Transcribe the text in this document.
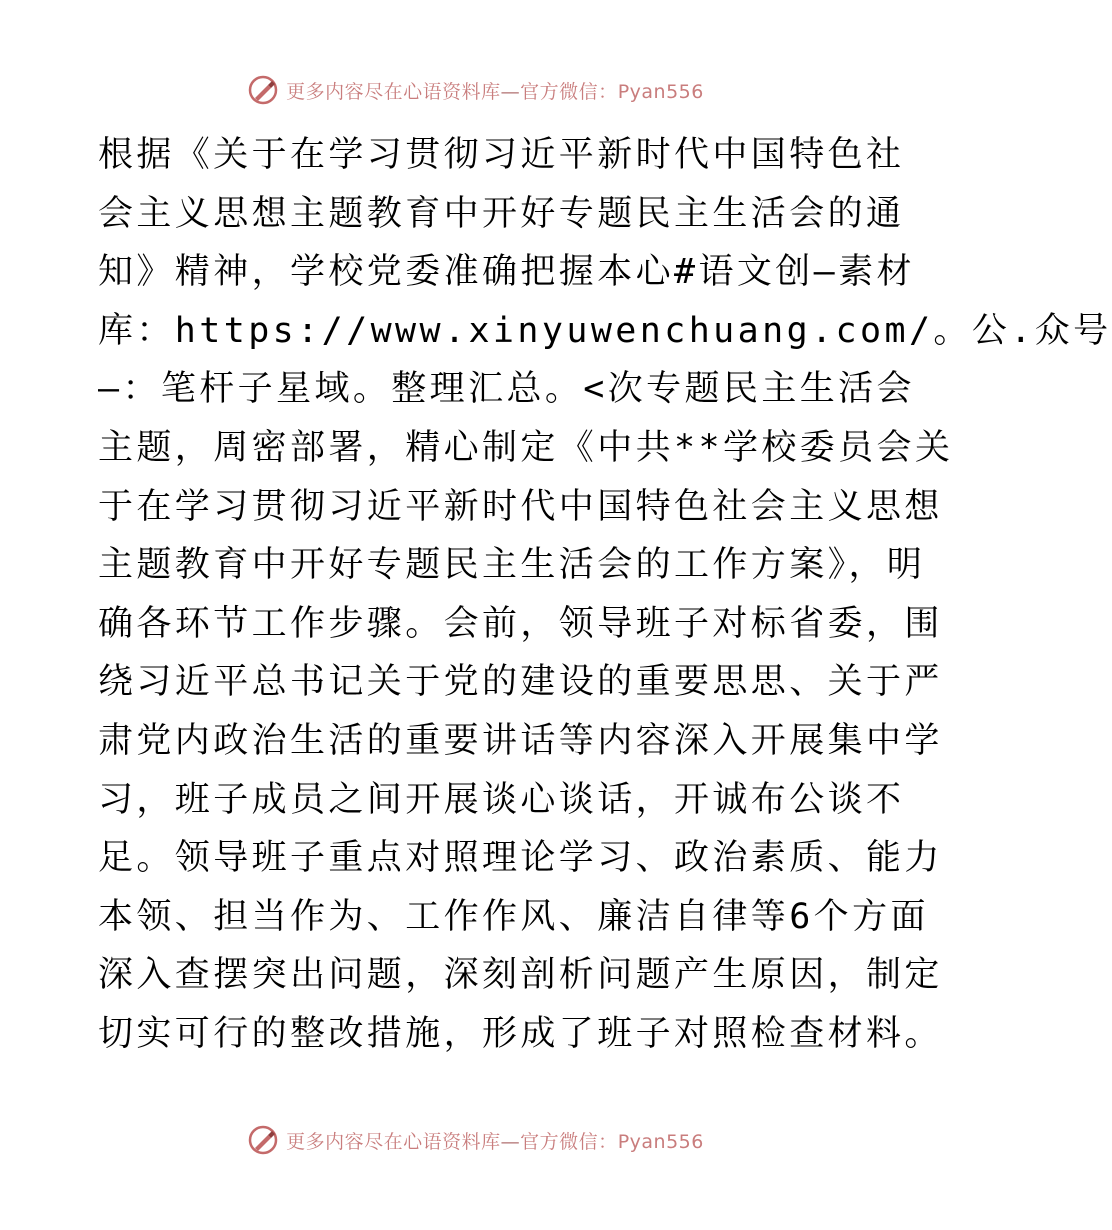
更多内容尽在心语资料库—官方微信：Pyan556
根据《关于在学习贯彻习近平新时代中国特色社
会主义思想主题教育中开好专题民主生活会的通
知》精神，学校党委准确把握本心#语文创—素材
库：https://www.xinyuwenchuang.com/。公.众号
—：笔杆子星域。整理汇总。<次专题民主生活会
主题，周密部署，精心制定《中共**学校委员会关
于在学习贯彻习近平新时代中国特色社会主义思想
主题教育中开好专题民主生活会的工作方案》，明
确各环节工作步骤。会前，领导班子对标省委，围
绕习近平总书记关于党的建设的重要思思、关于严
肃党内政治生活的重要讲话等内容深入开展集中学
习，班子成员之间开展谈心谈话，开诚布公谈不
足。领导班子重点对照理论学习、政治素质、能力
本领、担当作为、工作作风、廉洁自律等6个方面
深入查摆突出问题，深刻剖析问题产生原因，制定
切实可行的整改措施，形成了班子对照检查材料。
更多内容尽在心语资料库—官方微信：Pyan556
